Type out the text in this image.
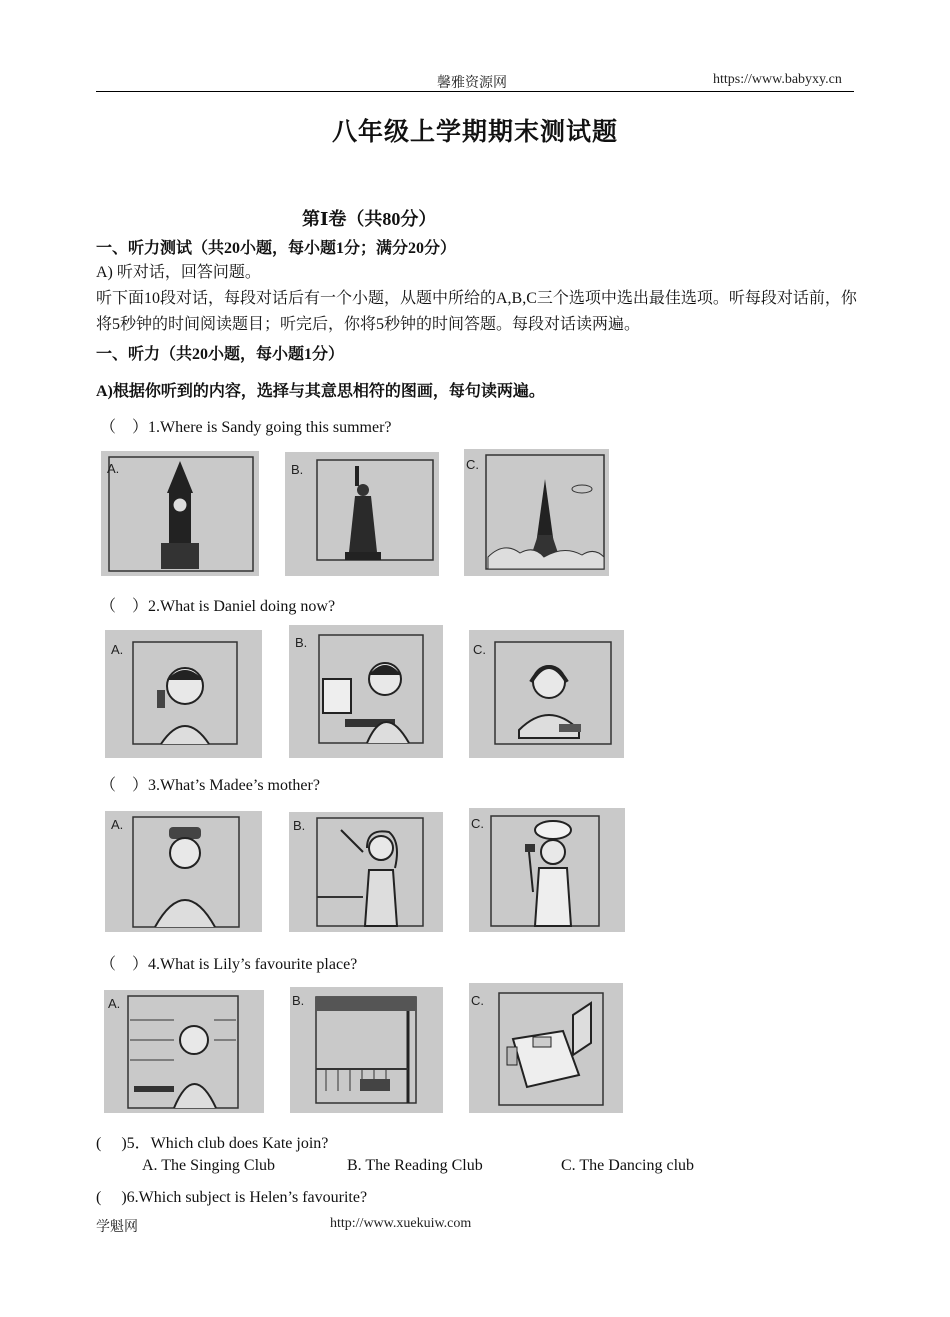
馨雅资源网	https://www.babyxy.cn
八年级上学期期末测试题
第Ⅰ卷（共80分）
一、听力测试（共20小题，每小题1分；满分20分）
A) 听对话，回答问题。
听下面10段对话，每段对话后有一个小题，从题中所给的A,B,C三个选项中选出最佳选项。听每段对话前，你将5秒钟的时间阅读题目；听完后，你将5秒钟的时间答题。每段对话读两遍。
一、听力（共20小题，每小题1分）
A)根据你听到的内容，选择与其意思相符的图画，每句读两遍。
（　）1.Where is Sandy going this summer?
A.	B.	C.
（　）2.What is Daniel doing now?
A.	B.	C.
（　）3.What’s Madee’s mother?
A.	B.	C.
（　）4.What is Lily’s favourite place?
A.	B.	C.
(　 )5．Which club does Kate join?
A. The Singing Club	B. The Reading Club	C. The Dancing club
(　 )6.Which subject is Helen’s favourite?
学魁网	http://www.xuekuiw.com
